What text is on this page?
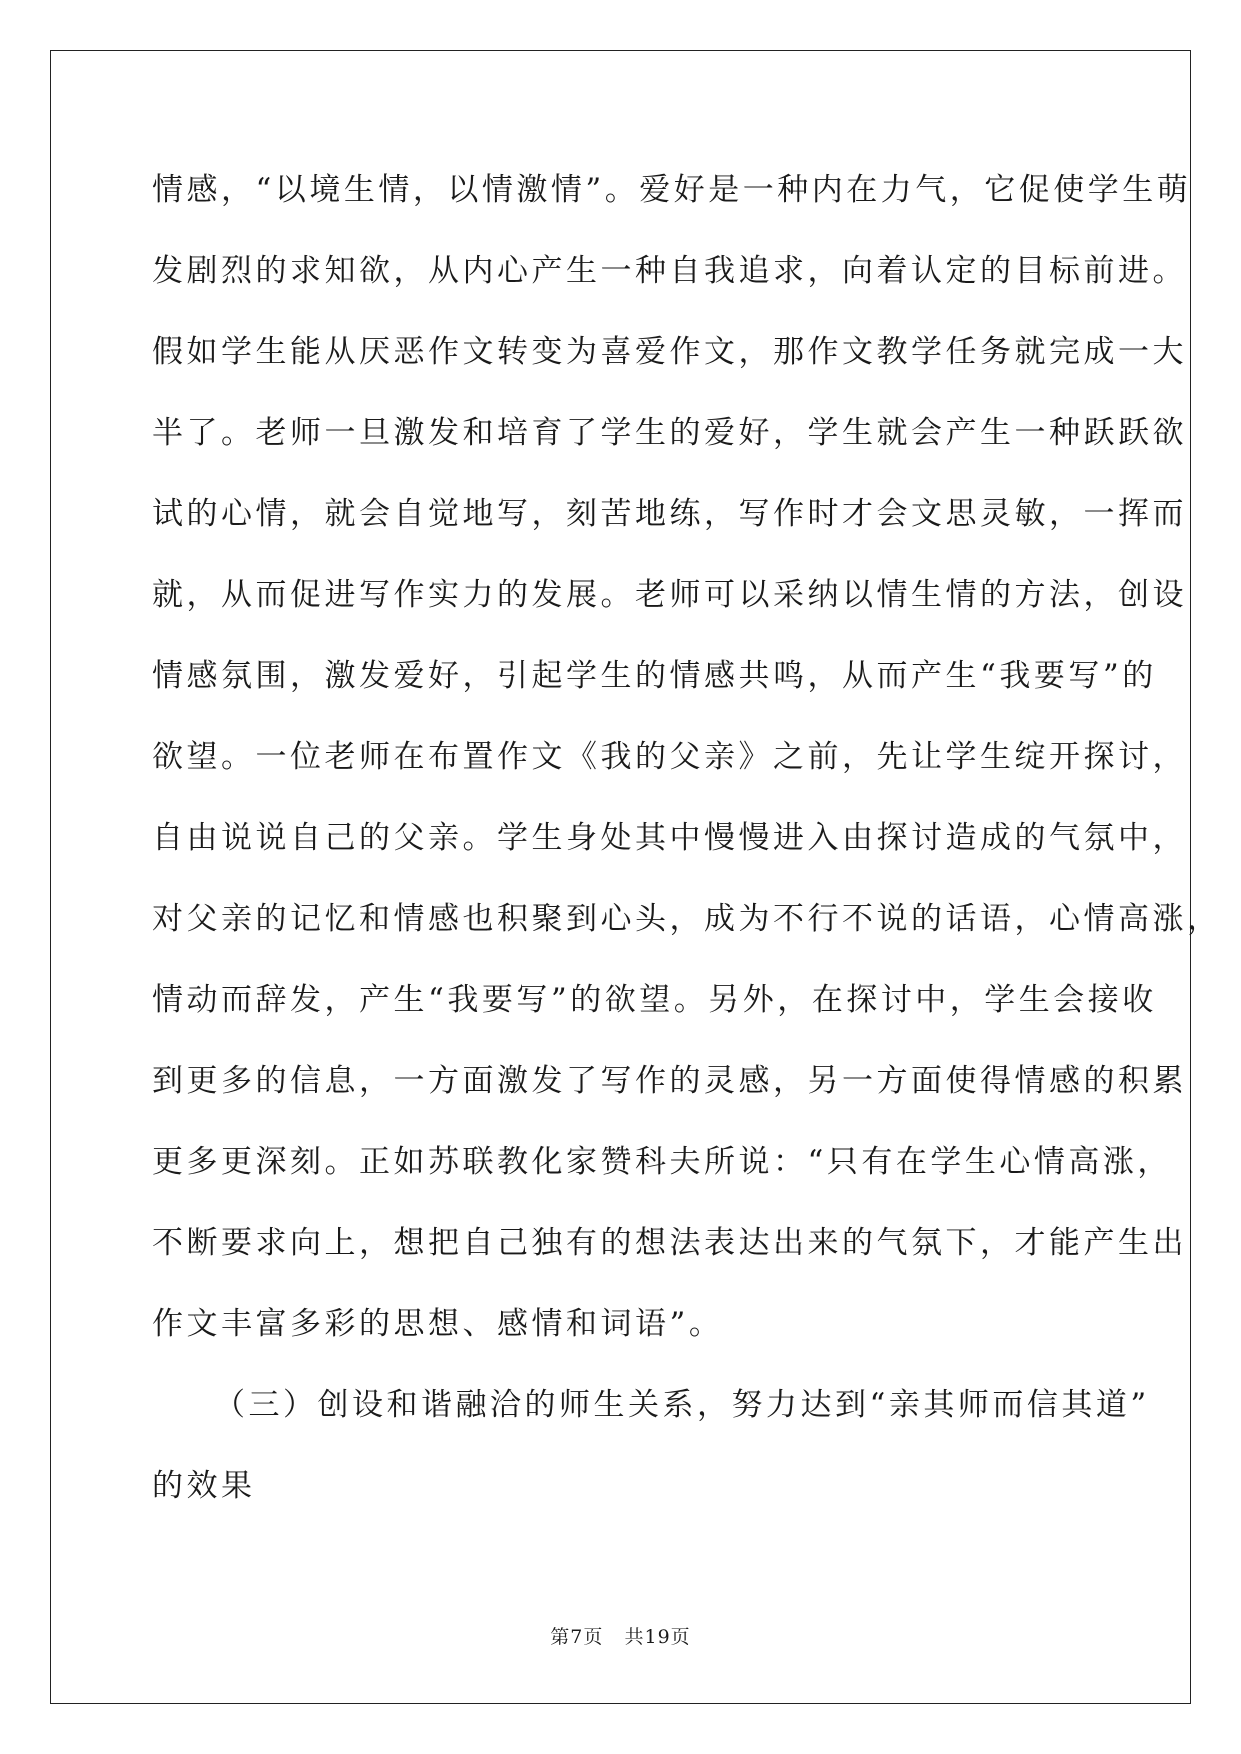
情感，“以境生情，以情激情”。爱好是一种内在力气，它促使学生萌
发剧烈的求知欲，从内心产生一种自我追求，向着认定的目标前进。
假如学生能从厌恶作文转变为喜爱作文，那作文教学任务就完成一大
半了。老师一旦激发和培育了学生的爱好，学生就会产生一种跃跃欲
试的心情，就会自觉地写，刻苦地练，写作时才会文思灵敏，一挥而
就，从而促进写作实力的发展。老师可以采纳以情生情的方法，创设
情感氛围，激发爱好，引起学生的情感共鸣，从而产生“我要写”的
欲望。一位老师在布置作文《我的父亲》之前，先让学生绽开探讨，
自由说说自己的父亲。学生身处其中慢慢进入由探讨造成的气氛中，
对父亲的记忆和情感也积聚到心头，成为不行不说的话语，心情高涨，
情动而辞发，产生“我要写”的欲望。另外，在探讨中，学生会接收
到更多的信息，一方面激发了写作的灵感，另一方面使得情感的积累
更多更深刻。正如苏联教化家赞科夫所说：“只有在学生心情高涨，
不断要求向上，想把自己独有的想法表达出来的气氛下，才能产生出
作文丰富多彩的思想、感情和词语”。
（三）创设和谐融洽的师生关系，努力达到“亲其师而信其道”
的效果
第7页   共19页
